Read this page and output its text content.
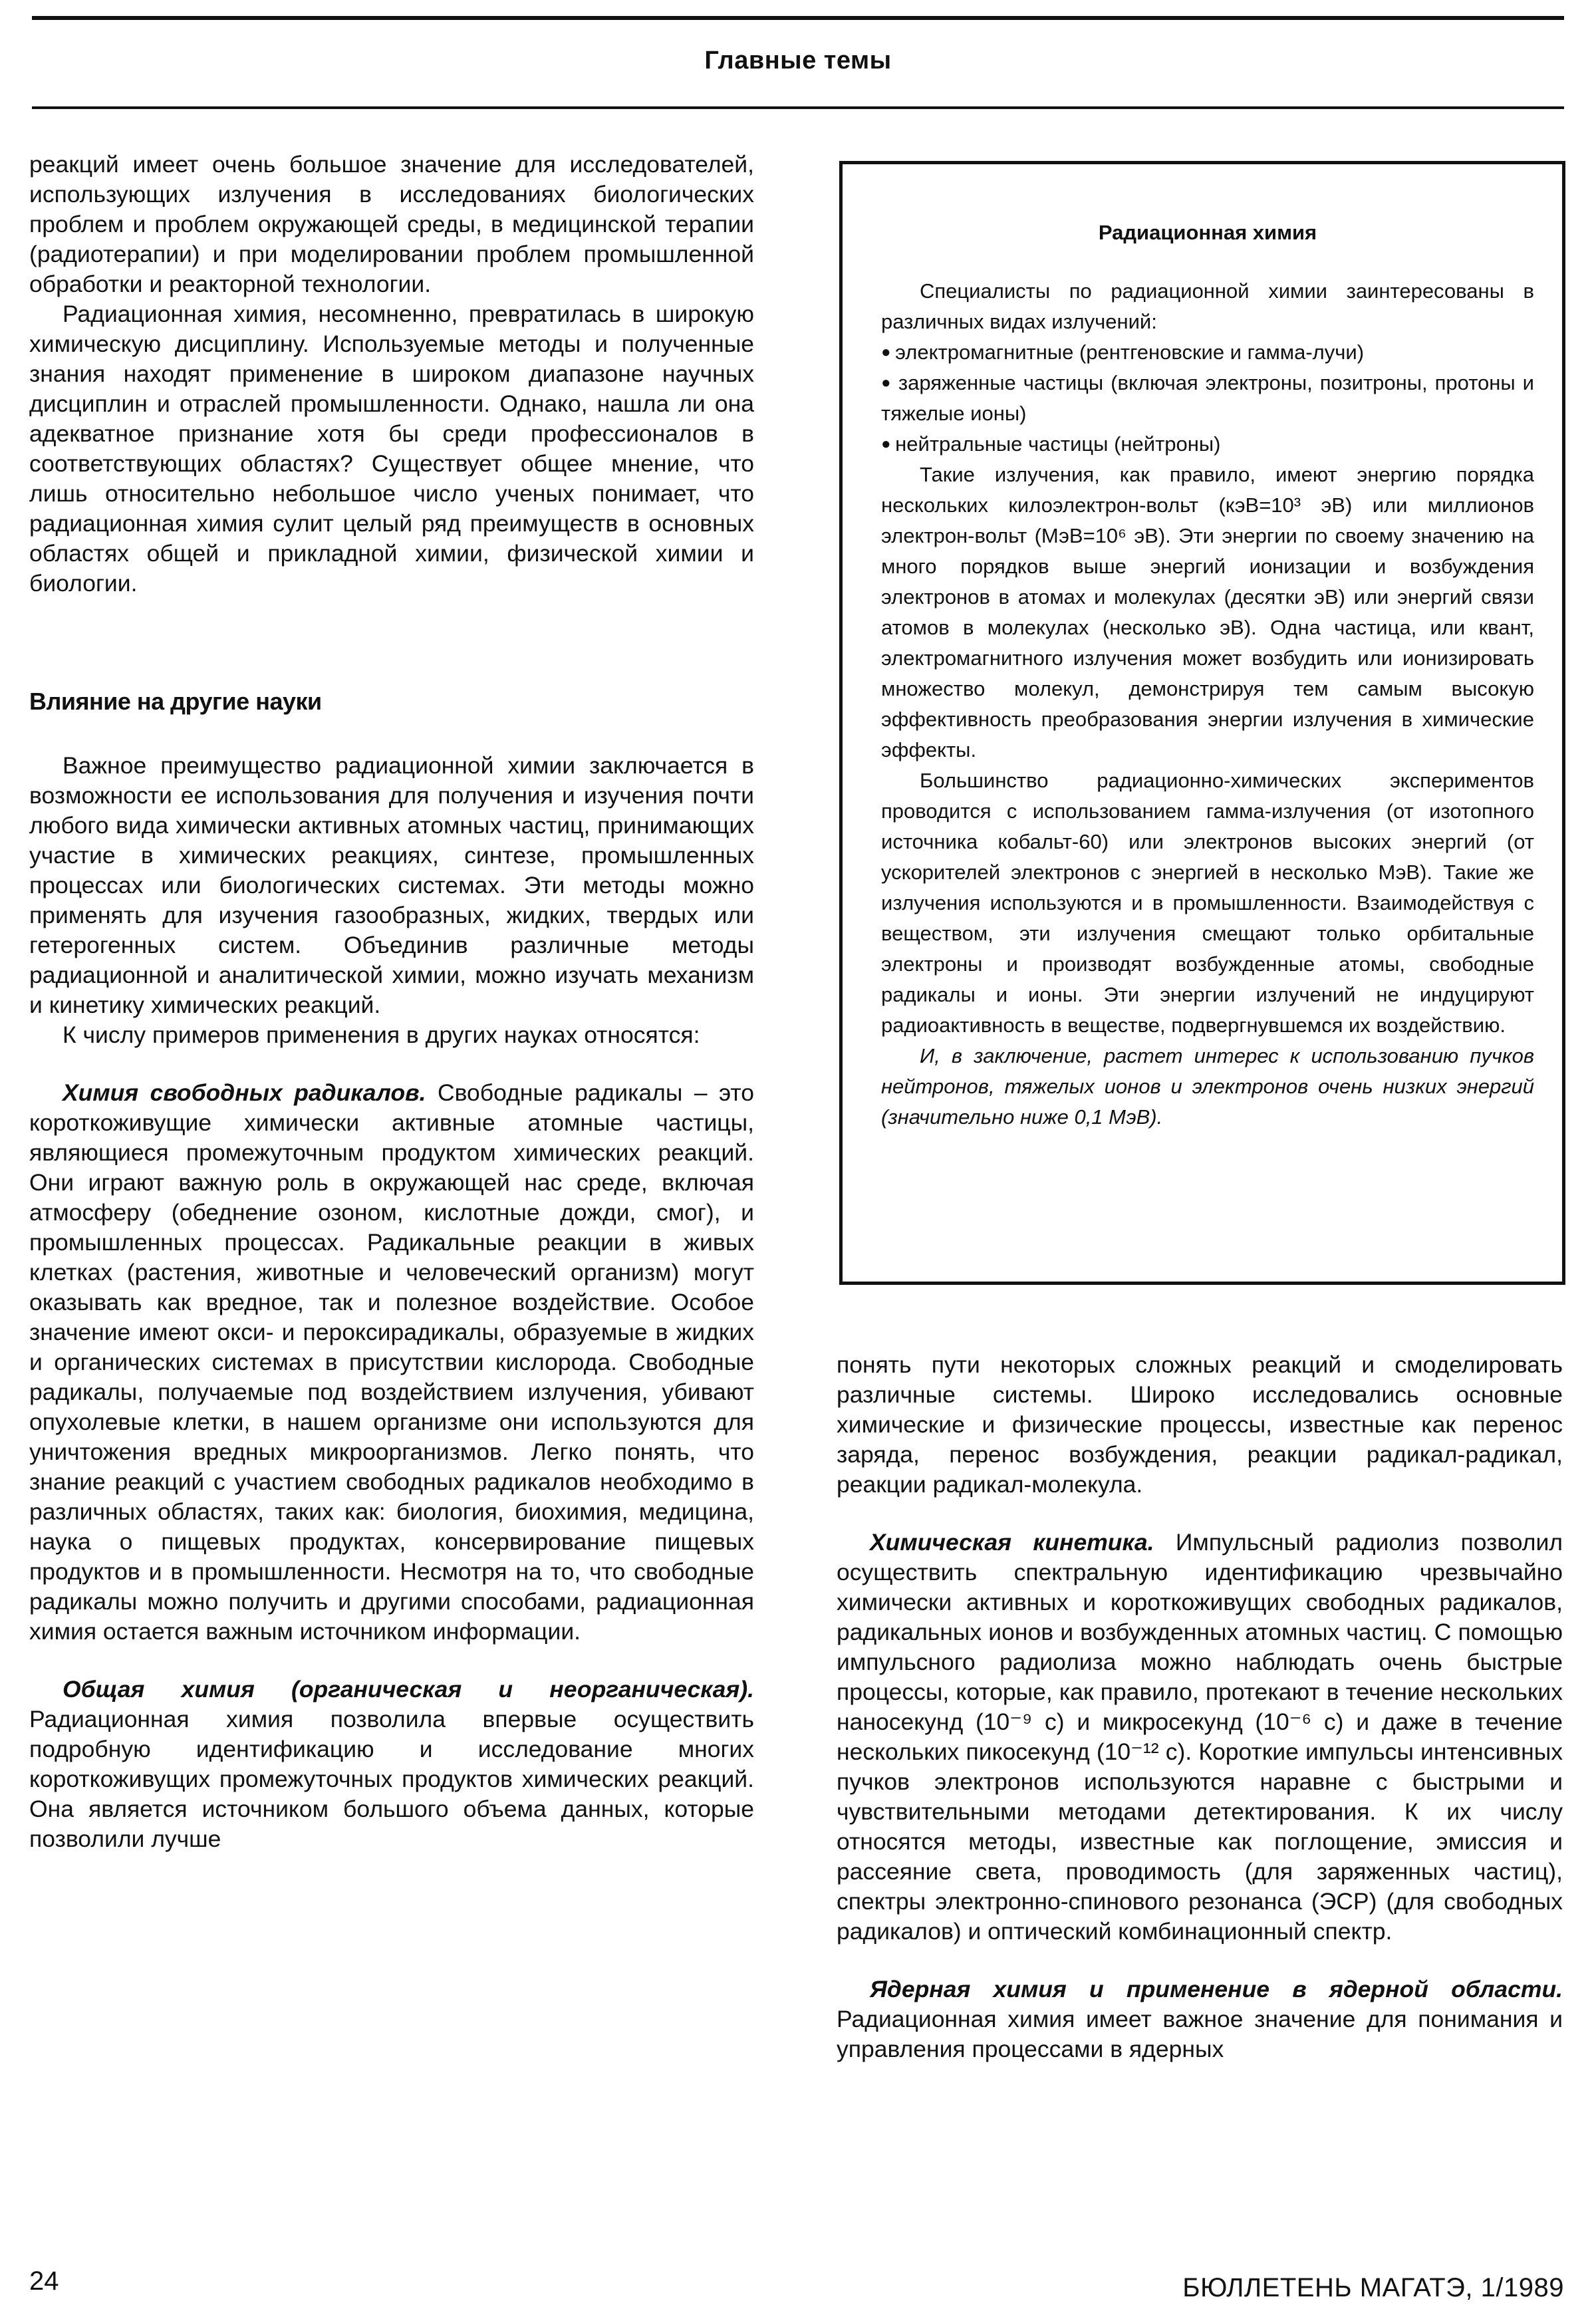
Главные темы

реакций имеет очень большое значение для исследователей, использующих излучения в исследованиях биологических проблем и проблем окружающей среды, в медицинской терапии (радиотерапии) и при моделировании проблем промышленной обработки и реакторной технологии.

Радиационная химия, несомненно, превратилась в широкую химическую дисциплину. Используемые методы и полученные знания находят применение в широком диапазоне научных дисциплин и отраслей промышленности. Однако, нашла ли она адекватное признание хотя бы среди профессионалов в соответствующих областях? Существует общее мнение, что лишь относительно небольшое число ученых понимает, что радиационная химия сулит целый ряд преимуществ в основных областях общей и прикладной химии, физической химии и биологии.

Влияние на другие науки

Важное преимущество радиационной химии заключается в возможности ее использования для получения и изучения почти любого вида химически активных атомных частиц, принимающих участие в химических реакциях, синтезе, промышленных процессах или биологических системах. Эти методы можно применять для изучения газообразных, жидких, твердых или гетерогенных систем. Объединив различные методы радиационной и аналитической химии, можно изучать механизм и кинетику химических реакций.

К числу примеров применения в других науках относятся:

Химия свободных радикалов. Свободные радикалы – это короткоживущие химически активные атомные частицы, являющиеся промежуточным продуктом химических реакций. Они играют важную роль в окружающей нас среде, включая атмосферу (обеднение озоном, кислотные дожди, смог), и промышленных процессах. Радикальные реакции в живых клетках (растения, животные и человеческий организм) могут оказывать как вредное, так и полезное воздействие. Особое значение имеют окси- и пероксирадикалы, образуемые в жидких и органических системах в присутствии кислорода. Свободные радикалы, получаемые под воздействием излучения, убивают опухолевые клетки, в нашем организме они используются для уничтожения вредных микроорганизмов. Легко понять, что знание реакций с участием свободных радикалов необходимо в различных областях, таких как: биология, биохимия, медицина, наука о пищевых продуктах, консервирование пищевых продуктов и в промышленности. Несмотря на то, что свободные радикалы можно получить и другими способами, радиационная химия остается важным источником информации.

Общая химия (органическая и неорганическая). Радиационная химия позволила впервые осуществить подробную идентификацию и исследование многих короткоживущих промежуточных продуктов химических реакций. Она является источником большого объема данных, которые позволили лучше

Радиационная химия

Специалисты по радиационной химии заинтересованы в различных видах излучений:

● электромагнитные (рентгеновские и гамма-лучи)

● заряженные частицы (включая электроны, позитроны, протоны и тяжелые ионы)

● нейтральные частицы (нейтроны)

Такие излучения, как правило, имеют энергию порядка нескольких килоэлектрон-вольт (кэВ=10³ эВ) или миллионов электрон-вольт (МэВ=10⁶ эВ). Эти энергии по своему значению на много порядков выше энергий ионизации и возбуждения электронов в атомах и молекулах (десятки эВ) или энергий связи атомов в молекулах (несколько эВ). Одна частица, или квант, электромагнитного излучения может возбудить или ионизировать множество молекул, демонстрируя тем самым высокую эффективность преобразования энергии излучения в химические эффекты.

Большинство радиационно-химических экспериментов проводится с использованием гамма-излучения (от изотопного источника кобальт-60) или электронов высоких энергий (от ускорителей электронов с энергией в несколько МэВ). Такие же излучения используются и в промышленности. Взаимодействуя с веществом, эти излучения смещают только орбитальные электроны и производят возбужденные атомы, свободные радикалы и ионы. Эти энергии излучений не индуцируют радиоактивность в веществе, подвергнувшемся их воздействию.

И, в заключение, растет интерес к использованию пучков нейтронов, тяжелых ионов и электронов очень низких энергий (значительно ниже 0,1 МэВ).

понять пути некоторых сложных реакций и смоделировать различные системы. Широко исследовались основные химические и физические процессы, известные как перенос заряда, перенос возбуждения, реакции радикал-радикал, реакции радикал-молекула.

Химическая кинетика. Импульсный радиолиз позволил осуществить спектральную идентификацию чрезвычайно химически активных и короткоживущих свободных радикалов, радикальных ионов и возбужденных атомных частиц. С помощью импульсного радиолиза можно наблюдать очень быстрые процессы, которые, как правило, протекают в течение нескольких наносекунд (10⁻⁹ с) и микросекунд (10⁻⁶ с) и даже в течение нескольких пикосекунд (10⁻¹² с). Короткие импульсы интенсивных пучков электронов используются наравне с быстрыми и чувствительными методами детектирования. К их числу относятся методы, известные как поглощение, эмиссия и рассеяние света, проводимость (для заряженных частиц), спектры электронно-спинового резонанса (ЭСР) (для свободных радикалов) и оптический комбинационный спектр.

Ядерная химия и применение в ядерной области. Радиационная химия имеет важное значение для понимания и управления процессами в ядерных

24	БЮЛЛЕТЕНЬ МАГАТЭ, 1/1989
